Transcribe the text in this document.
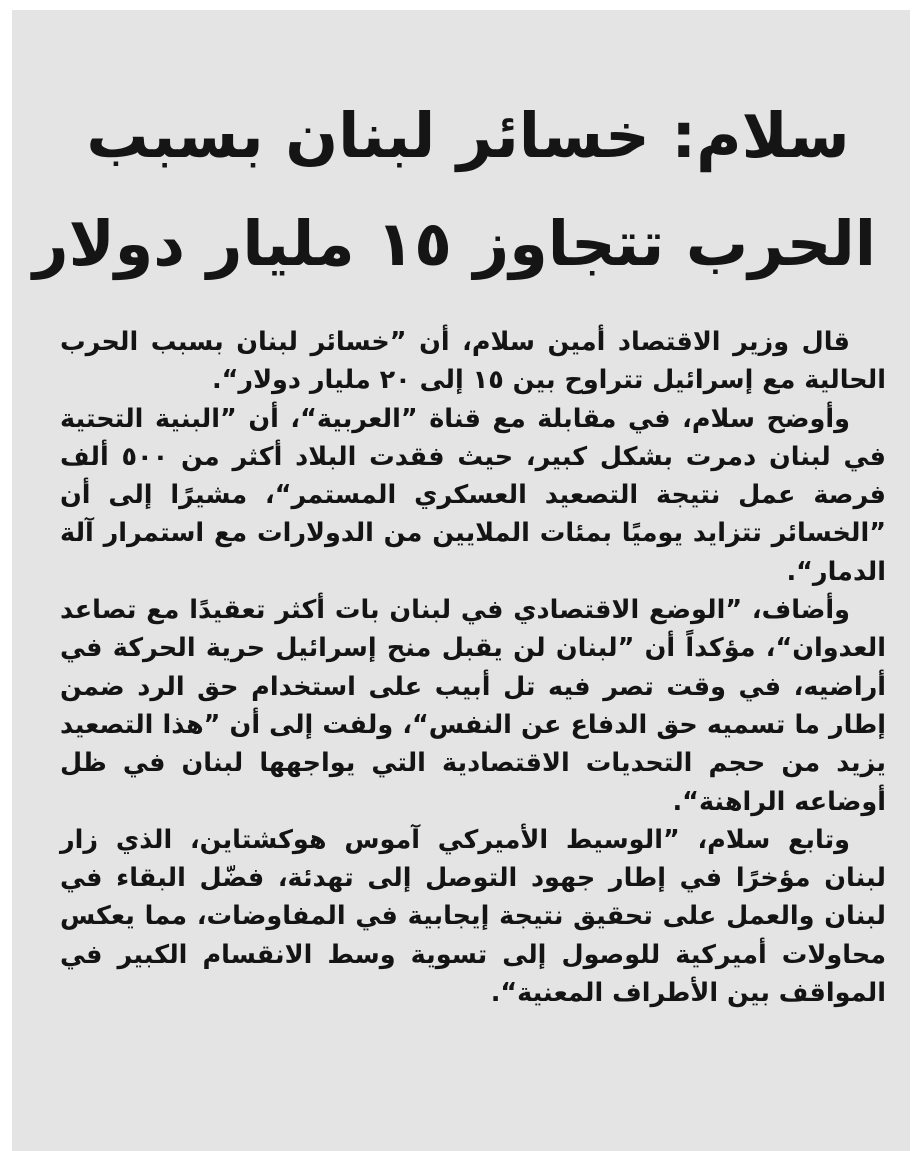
سلام: خسائر لبنان بسبب
الحرب تتجاوز ١٥ مليار دولار

قال وزير الاقتصاد أمين سلام، أن ”خسائر لبنان بسبب الحرب الحالية مع إسرائيل تتراوح بين ١٥ إلى ٢٠ مليار دولار“.

وأوضح سلام، في مقابلة مع قناة ”العربية“، أن ”البنية التحتية في لبنان دمرت بشكل كبير، حيث فقدت البلاد أكثر من ٥٠٠ ألف فرصة عمل نتيجة التصعيد العسكري المستمر“، مشيرًا إلى أن ”الخسائر تتزايد يوميًا بمئات الملايين من الدولارات مع استمرار آلة الدمار“.

وأضاف، ”الوضع الاقتصادي في لبنان بات أكثر تعقيدًا مع تصاعد العدوان“، مؤكداً أن ”لبنان لن يقبل منح إسرائيل حرية الحركة في أراضيه، في وقت تصر فيه تل أبيب على استخدام حق الرد ضمن إطار ما تسميه حق الدفاع عن النفس“، ولفت إلى أن ”هذا التصعيد يزيد من حجم التحديات الاقتصادية التي يواجهها لبنان في ظل أوضاعه الراهنة“.

وتابع سلام، ”الوسيط الأميركي آموس هوكشتاين، الذي زار لبنان مؤخرًا في إطار جهود التوصل إلى تهدئة، فضّل البقاء في لبنان والعمل على تحقيق نتيجة إيجابية في المفاوضات، مما يعكس محاولات أميركية للوصول إلى تسوية وسط الانقسام الكبير في المواقف بين الأطراف المعنية“.
